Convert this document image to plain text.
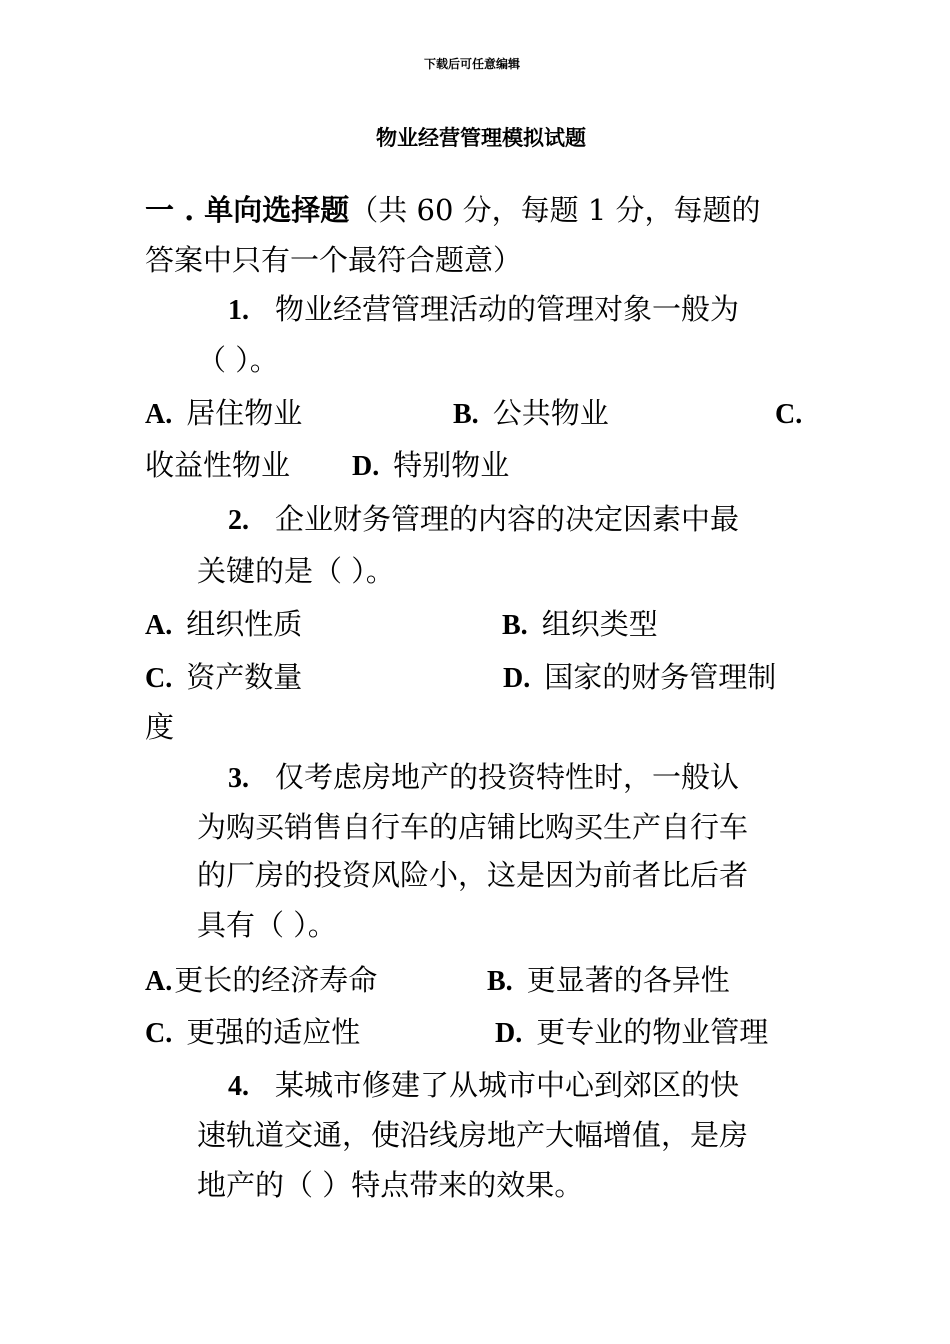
下载后可任意编辑
物业经营管理模拟试题
一 . 单向选择题（共 60 分，每题 1 分，每题的
答案中只有一个最符合题意）
1. 物业经营管理活动的管理对象一般为
（ ）。
A. 居住物业	B. 公共物业	C.
收益性物业 D. 特别物业
2. 企业财务管理的内容的决定因素中最
关键的是（ ）。
A. 组织性质	B. 组织类型
C. 资产数量	D. 国家的财务管理制
度
3. 仅考虑房地产的投资特性时，一般认
为购买销售自行车的店铺比购买生产自行车
的厂房的投资风险小，这是因为前者比后者
具有（ ）。
A.更长的经济寿命	B. 更显著的各异性
C. 更强的适应性	D. 更专业的物业管理
4. 某城市修建了从城市中心到郊区的快
速轨道交通，使沿线房地产大幅增值，是房
地产的（ ）特点带来的效果。
